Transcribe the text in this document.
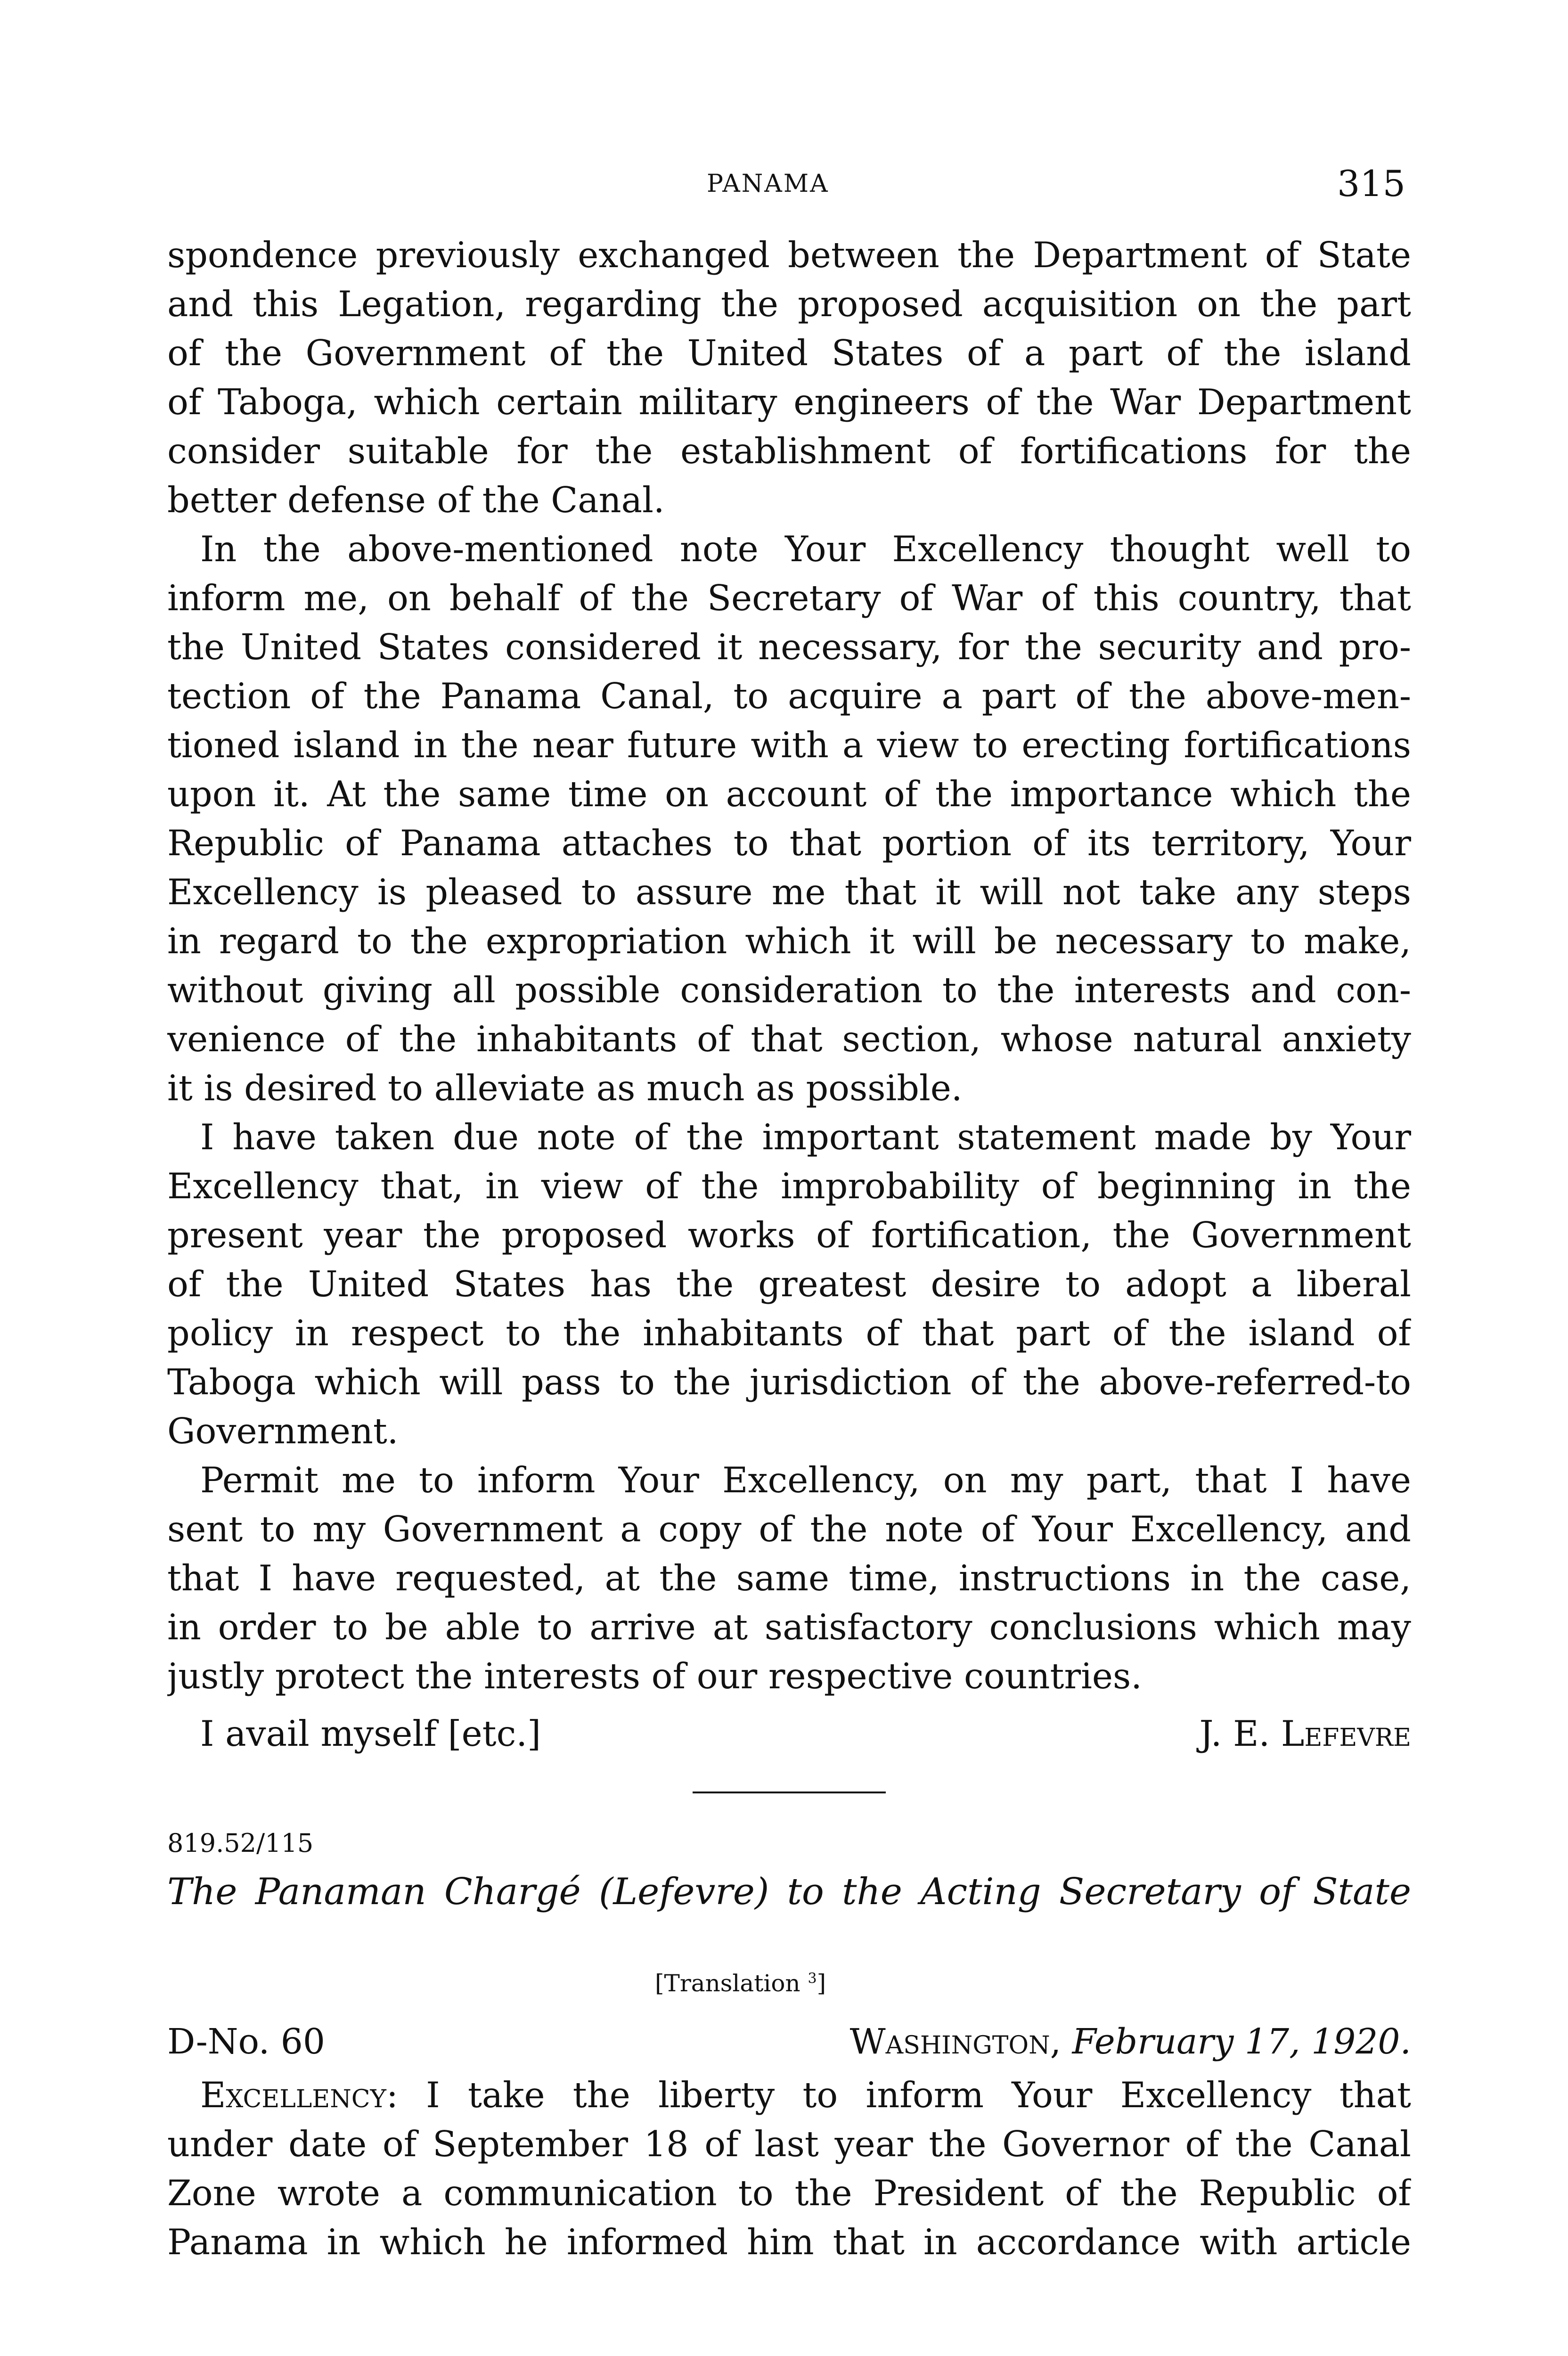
PANAMA	315
spondence previously exchanged between the Department of State
and this Legation, regarding the proposed acquisition on the part
of the Government of the United States of a part of the island
of Taboga, which certain military engineers of the War Department
consider suitable for the establishment of fortifications for the
better defense of the Canal.
In the above-mentioned note Your Excellency thought well to
inform me, on behalf of the Secretary of War of this country, that
the United States considered it necessary, for the security and pro-
tection of the Panama Canal, to acquire a part of the above-men-
tioned island in the near future with a view to erecting fortifications
upon it. At the same time on account of the importance which the
Republic of Panama attaches to that portion of its territory, Your
Excellency is pleased to assure me that it will not take any steps
in regard to the expropriation which it will be necessary to make,
without giving all possible consideration to the interests and con-
venience of the inhabitants of that section, whose natural anxiety
it is desired to alleviate as much as possible.
I have taken due note of the important statement made by Your
Excellency that, in view of the improbability of beginning in the
present year the proposed works of fortification, the Government
of the United States has the greatest desire to adopt a liberal
policy in respect to the inhabitants of that part of the island of
Taboga which will pass to the jurisdiction of the above-referred-to
Government.
Permit me to inform Your Excellency, on my part, that I have
sent to my Government a copy of the note of Your Excellency, and
that I have requested, at the same time, instructions in the case,
in order to be able to arrive at satisfactory conclusions which may
justly protect the interests of our respective countries.
I avail myself [etc.]	J. E. Lefevre
819.52/115
The Panaman Chargé (Lefevre) to the Acting Secretary of State
[Translation $^3$]
D-No. 60	Washington, February 17, 1920.
Excellency: I take the liberty to inform Your Excellency that
under date of September 18 of last year the Governor of the Canal
Zone wrote a communication to the President of the Republic of
Panama in which he informed him that in accordance with article
